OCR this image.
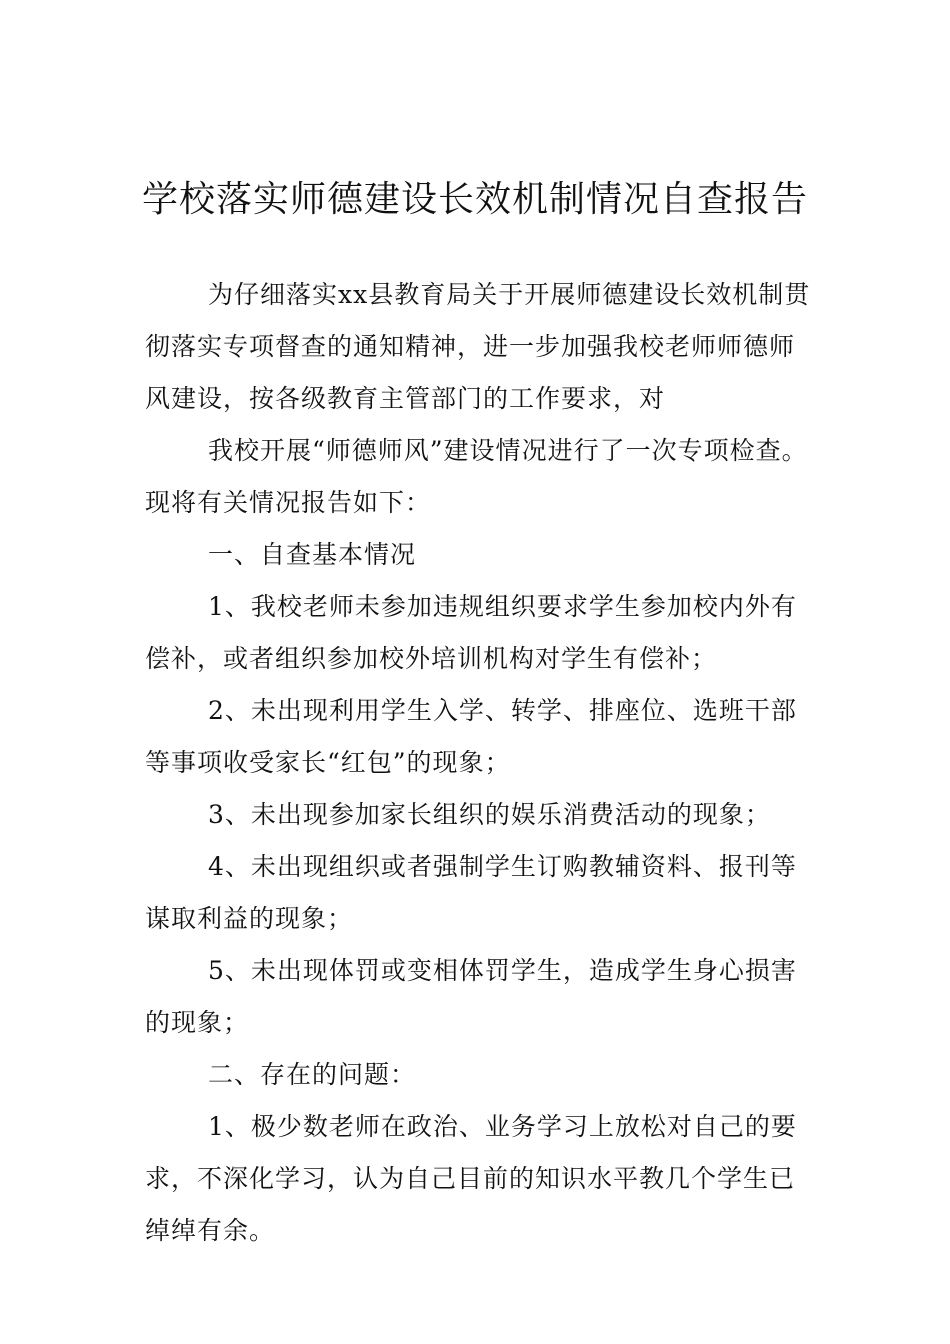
学校落实师德建设长效机制情况自查报告
为仔细落实xx县教育局关于开展师德建设长效机制贯
彻落实专项督查的通知精神，进一步加强我校老师师德师
风建设，按各级教育主管部门的工作要求，对
我校开展“师德师风”建设情况进行了一次专项检查。
现将有关情况报告如下：
一、自查基本情况
1、我校老师未参加违规组织要求学生参加校内外有
偿补，或者组织参加校外培训机构对学生有偿补；
2、未出现利用学生入学、转学、排座位、选班干部
等事项收受家长“红包”的现象；
3、未出现参加家长组织的娱乐消费活动的现象；
4、未出现组织或者强制学生订购教辅资料、报刊等
谋取利益的现象；
5、未出现体罚或变相体罚学生，造成学生身心损害
的现象；
二、存在的问题：
1、极少数老师在政治、业务学习上放松对自己的要
求，不深化学习，认为自己目前的知识水平教几个学生已
绰绰有余。
